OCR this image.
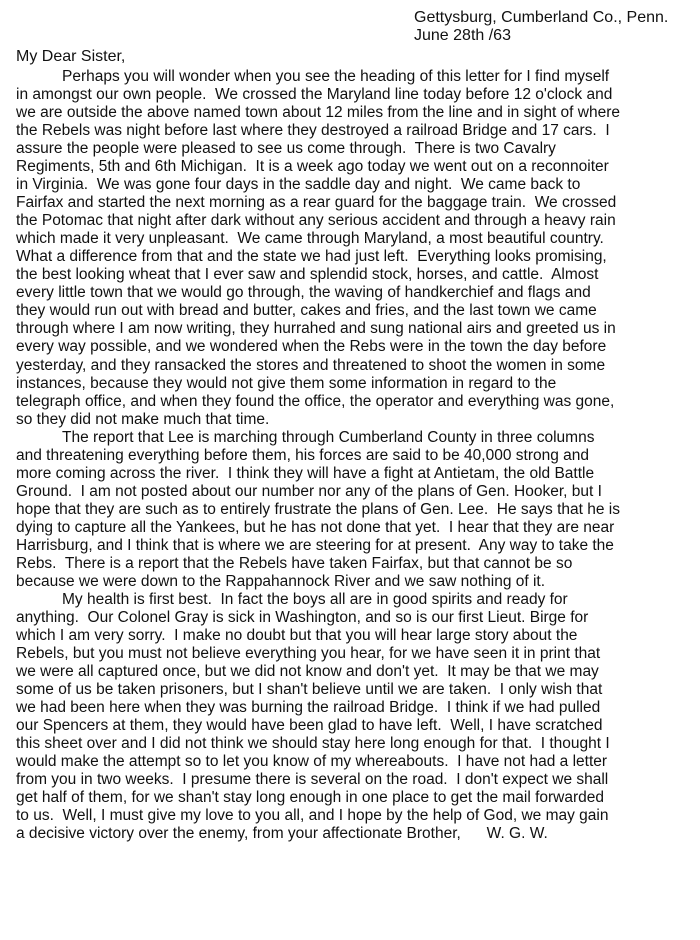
Gettysburg, Cumberland Co., Penn.
June 28th /63
My Dear Sister,
Perhaps you will wonder when you see the heading of this letter for I find myself
in amongst our own people.  We crossed the Maryland line today before 12 o'clock and
we are outside the above named town about 12 miles from the line and in sight of where
the Rebels was night before last where they destroyed a railroad Bridge and 17 cars.  I
assure the people were pleased to see us come through.  There is two Cavalry
Regiments, 5th and 6th Michigan.  It is a week ago today we went out on a reconnoiter
in Virginia.  We was gone four days in the saddle day and night.  We came back to
Fairfax and started the next morning as a rear guard for the baggage train.  We crossed
the Potomac that night after dark without any serious accident and through a heavy rain
which made it very unpleasant.  We came through Maryland, a most beautiful country.
What a difference from that and the state we had just left.  Everything looks promising,
the best looking wheat that I ever saw and splendid stock, horses, and cattle.  Almost
every little town that we would go through, the waving of handkerchief and flags and
they would run out with bread and butter, cakes and fries, and the last town we came
through where I am now writing, they hurrahed and sung national airs and greeted us in
every way possible, and we wondered when the Rebs were in the town the day before
yesterday, and they ransacked the stores and threatened to shoot the women in some
instances, because they would not give them some information in regard to the
telegraph office, and when they found the office, the operator and everything was gone,
so they did not make much that time.
The report that Lee is marching through Cumberland County in three columns
and threatening everything before them, his forces are said to be 40,000 strong and
more coming across the river.  I think they will have a fight at Antietam, the old Battle
Ground.  I am not posted about our number nor any of the plans of Gen. Hooker, but I
hope that they are such as to entirely frustrate the plans of Gen. Lee.  He says that he is
dying to capture all the Yankees, but he has not done that yet.  I hear that they are near
Harrisburg, and I think that is where we are steering for at present.  Any way to take the
Rebs.  There is a report that the Rebels have taken Fairfax, but that cannot be so
because we were down to the Rappahannock River and we saw nothing of it.
My health is first best.  In fact the boys all are in good spirits and ready for
anything.  Our Colonel Gray is sick in Washington, and so is our first Lieut. Birge for
which I am very sorry.  I make no doubt but that you will hear large story about the
Rebels, but you must not believe everything you hear, for we have seen it in print that
we were all captured once, but we did not know and don't yet.  It may be that we may
some of us be taken prisoners, but I shan't believe until we are taken.  I only wish that
we had been here when they was burning the railroad Bridge.  I think if we had pulled
our Spencers at them, they would have been glad to have left.  Well, I have scratched
this sheet over and I did not think we should stay here long enough for that.  I thought I
would make the attempt so to let you know of my whereabouts.  I have not had a letter
from you in two weeks.  I presume there is several on the road.  I don't expect we shall
get half of them, for we shan't stay long enough in one place to get the mail forwarded
to us.  Well, I must give my love to you all, and I hope by the help of God, we may gain
a decisive victory over the enemy, from your affectionate Brother,      W. G. W.
